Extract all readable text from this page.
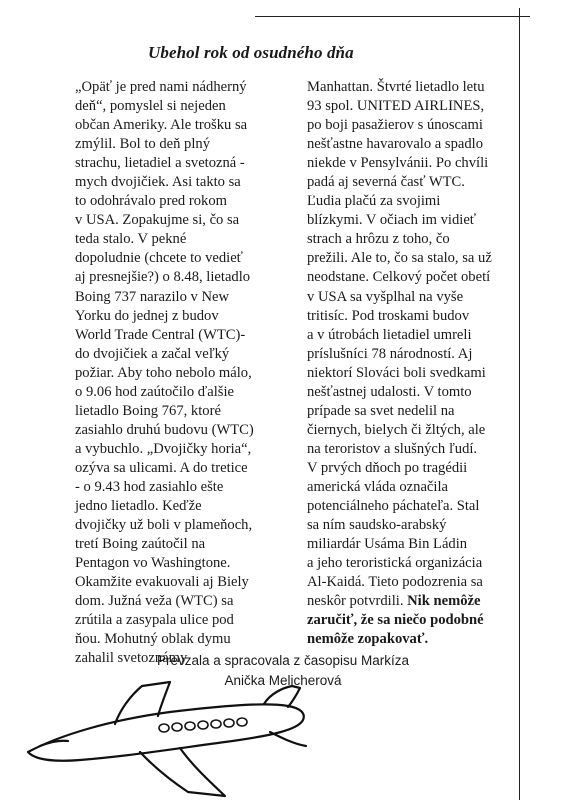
Ubehol rok od osudného dňa
„Opäť je pred nami nádherný
deň“, pomyslel si nejeden
občan Ameriky. Ale trošku sa
zmýlil. Bol to deň plný
strachu, lietadiel a svetozná -
mych dvojičiek. Asi takto sa
to odohrávalo pred rokom
v USA. Zopakujme si, čo sa
teda stalo. V pekné
dopoludnie (chcete to vedieť
aj presnejšie?) o 8.48, lietadlo
Boing 737 narazilo v New
Yorku do jednej z budov
World Trade Central (WTC)-
do dvojičiek a začal veľký
požiar. Aby toho nebolo málo,
o 9.06 hod zaútočilo ďalšie
lietadlo Boing 767, ktoré
zasiahlo druhú budovu (WTC)
a vybuchlo. „Dvojičky horia“,
ozýva sa ulicami. A do tretice
- o 9.43 hod zasiahlo ešte
jedno lietadlo. Keďže
dvojičky už boli v plameňoch,
tretí Boing zaútočil na
Pentagon vo Washingtone.
Okamžite evakuovali aj Biely
dom. Južná veža (WTC) sa
zrútila a zasypala ulice pod
ňou. Mohutný oblak dymu
zahalil svetoznámy
Manhattan. Štvrté lietadlo letu
93 spol. UNITED AIRLINES,
po boji pasažierov s únoscami
nešťastne havarovalo a spadlo
niekde v Pensylvánii. Po chvíli
padá aj severná časť WTC.
Ľudia plačú za svojimi
blízkymi. V očiach im vidieť
strach a hrôzu z toho, čo
prežili. Ale to, čo sa stalo, sa už
neodstane. Celkový počet obetí
v USA sa vyšplhal na vyše
tritisíc. Pod troskami budov
a v útrobách lietadiel umreli
príslušníci 78 národností. Aj
niektorí Slováci boli svedkami
nešťastnej udalosti. V tomto
prípade sa svet nedelil na
čiernych, bielych či žltých, ale
na teroristov a slušných ľudí.
V prvých dňoch po tragédii
americká vláda označila
potenciálneho páchateľa. Stal
sa ním saudsko-arabský
miliardár Usáma Bin Ládin
a jeho teroristická organizácia
Al-Kaidá. Tieto podozrenia sa
neskôr potvrdili. Nik nemôže
zaručiť, že sa niečo podobné
nemôže zopakovať.
Prevzala a spracovala z časopisu Markíza
Anička Melicherová
